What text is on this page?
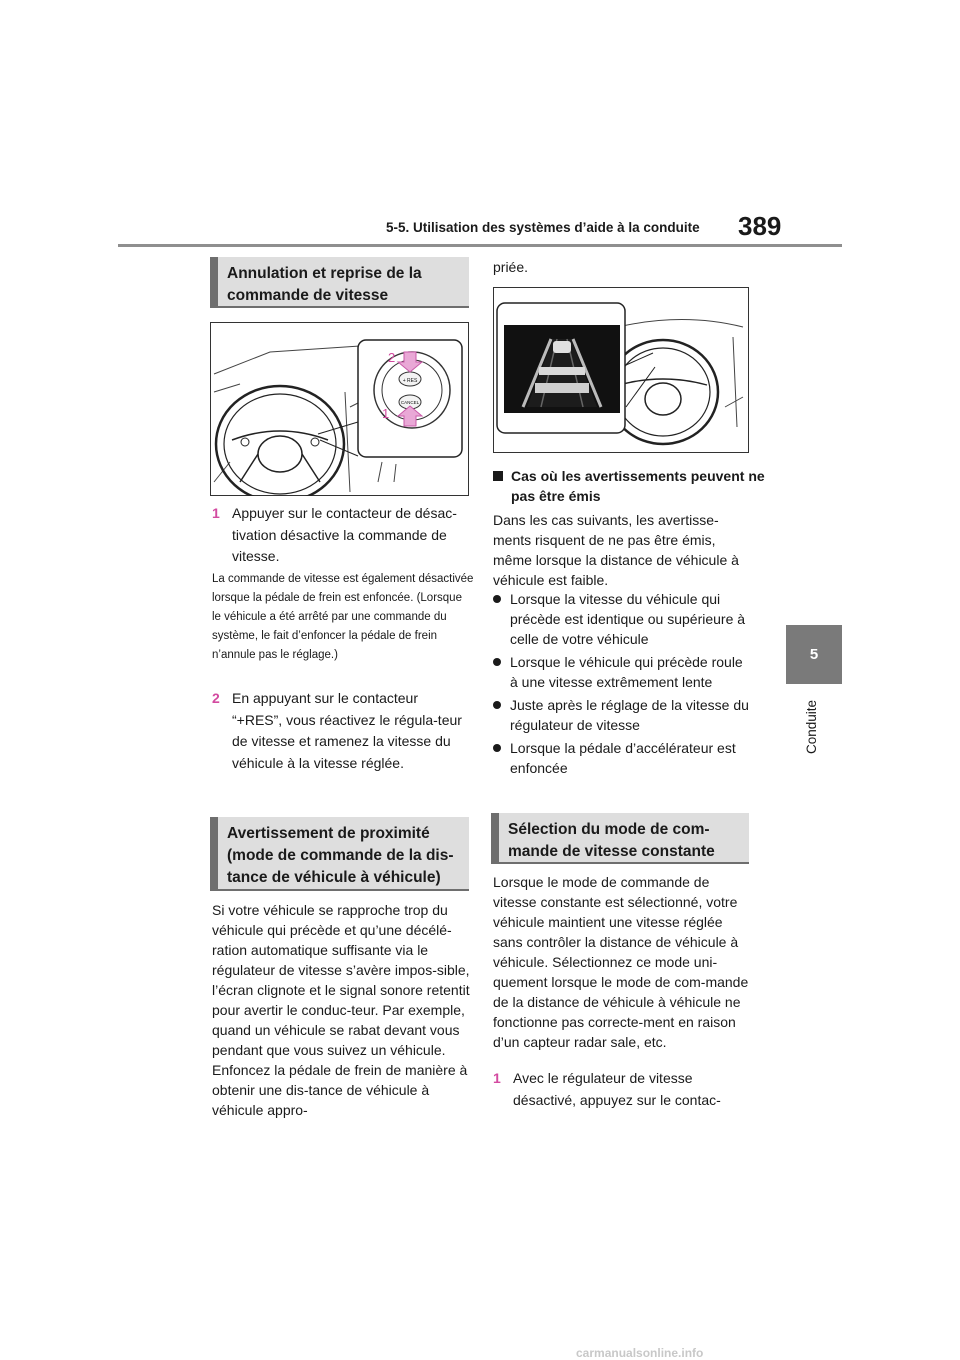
5-5. Utilisation des systèmes d’aide à la conduite 389
5
Conduite
Annulation et reprise de la commande de vitesse
+ RES
CANCEL
2
1
1 Appuyer sur le contacteur de désac-tivation désactive la commande de vitesse.
La commande de vitesse est également désactivée lorsque la pédale de frein est enfoncée. (Lorsque le véhicule a été arrêté par une commande du système, le fait d’enfoncer la pédale de frein n’annule pas le réglage.)
2 En appuyant sur le contacteur “+RES”, vous réactivez le régula-teur de vitesse et ramenez la vitesse du véhicule à la vitesse réglée.
Avertissement de proximité (mode de commande de la dis-tance de véhicule à véhicule)
Si votre véhicule se rapproche trop du véhicule qui précède et qu’une décélé-ration automatique suffisante via le régulateur de vitesse s’avère impos-sible, l’écran clignote et le signal sonore retentit pour avertir le conduc-teur. Par exemple, quand un véhicule se rabat devant vous pendant que vous suivez un véhicule. Enfoncez la pédale de frein de manière à obtenir une dis-tance de véhicule à véhicule appro-
priée.
Cas où les avertissements peuvent ne pas être émis
Dans les cas suivants, les avertisse-ments risquent de ne pas être émis, même lorsque la distance de véhicule à véhicule est faible.
Lorsque la vitesse du véhicule qui précède est identique ou supérieure à celle de votre véhicule
Lorsque le véhicule qui précède roule à une vitesse extrêmement lente
Juste après le réglage de la vitesse du régulateur de vitesse
Lorsque la pédale d’accélérateur est enfoncée
Sélection du mode de com-mande de vitesse constante
Lorsque le mode de commande de vitesse constante est sélectionné, votre véhicule maintient une vitesse réglée sans contrôler la distance de véhicule à véhicule. Sélectionnez ce mode uni-quement lorsque le mode de com-mande de la distance de véhicule à véhicule ne fonctionne pas correcte-ment en raison d’un capteur radar sale, etc.
1 Avec le régulateur de vitesse désactivé, appuyez sur le contac-
carmanualsonline.info
